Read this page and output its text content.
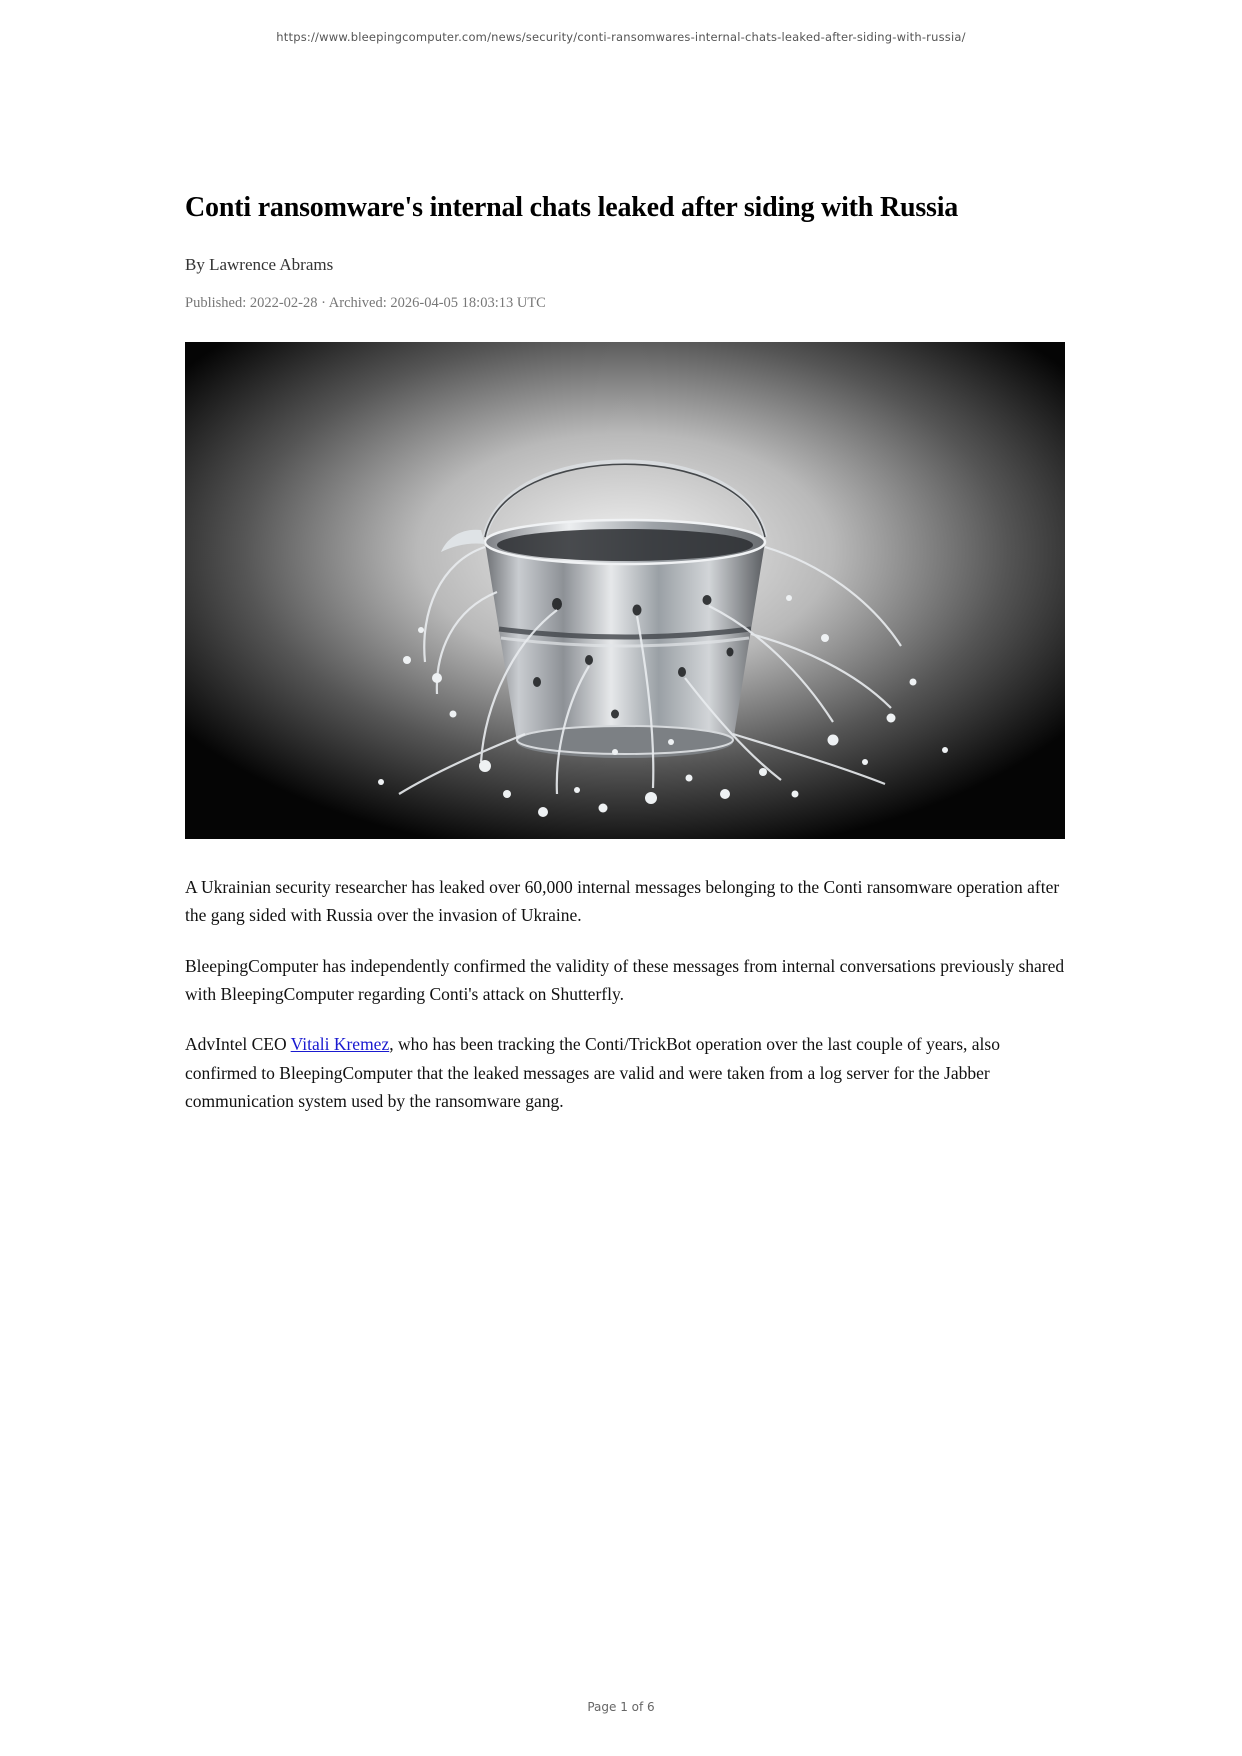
https://www.bleepingcomputer.com/news/security/conti-ransomwares-internal-chats-leaked-after-siding-with-russia/
Conti ransomware's internal chats leaked after siding with Russia
By Lawrence Abrams
Published: 2022-02-28 · Archived: 2026-04-05 18:03:13 UTC

A Ukrainian security researcher has leaked over 60,000 internal messages belonging to the Conti ransomware operation after the gang sided with Russia over the invasion of Ukraine.

BleepingComputer has independently confirmed the validity of these messages from internal conversations previously shared with BleepingComputer regarding Conti's attack on Shutterfly.

AdvIntel CEO Vitali Kremez, who has been tracking the Conti/TrickBot operation over the last couple of years, also confirmed to BleepingComputer that the leaked messages are valid and were taken from a log server for the Jabber communication system used by the ransomware gang.

Page 1 of 6
